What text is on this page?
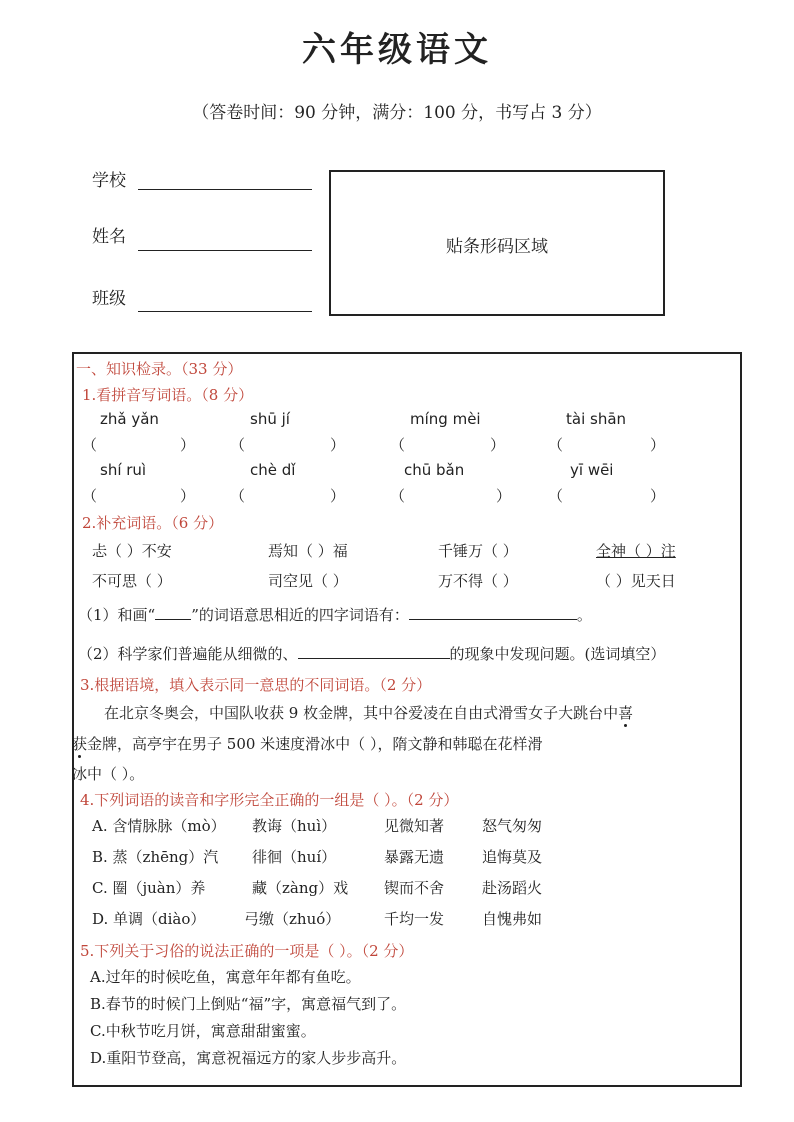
六年级语文
（答卷时间：90 分钟，满分：100 分，书写占 3 分）
学校
姓名
班级
贴条形码区域
一、知识检录。（33 分）
1.看拼音写词语。（8 分）
zhǎ yǎn	shū jí	míng mèi	tài shān
（	） （	）	（	）	（	）
shí ruì	chè dǐ	chū bǎn	yī wēi
（	） （	）	（	） （	）
2.补充词语。（6 分）
忐（ ）不安	焉知（ ）福	千锤万（ ）	全神（ ）注
不可思（ ）	司空见（ ）	万不得（ ）	（ ）见天日
（1）和画“ ”的词语意思相近的四字词语有：	。
（2）科学家们普遍能从细微的、	的现象中发现问题。(选词填空）
3.根据语境，填入表示同一意思的不同词语。（2 分）
在北京冬奥会，中国队收获 9 枚金牌，其中谷爱凌在自由式滑雪女子大跳台中喜
获金牌，高亭宇在男子 500 米速度滑冰中（ ），隋文静和韩聪在花样滑
冰中（ ）。
4.下列词语的读音和字形完全正确的一组是（ ）。（2 分）
A. 含情脉脉（mò） 教诲（huì）	见微知著	怒气匆匆
B. 蒸（zhēng）汽 徘徊（huí）	暴露无遗	追悔莫及
C. 圈（juàn）养	藏（zàng）戏 锲而不舍	赴汤蹈火
D. 单调（diào）	弓缴（zhuó）	千均一发	自愧弗如
5.下列关于习俗的说法正确的一项是（ ）。（2 分）
A.过年的时候吃鱼，寓意年年都有鱼吃。
B.春节的时候门上倒贴“福”字，寓意福气到了。
C.中秋节吃月饼，寓意甜甜蜜蜜。
D.重阳节登高，寓意祝福远方的家人步步高升。
